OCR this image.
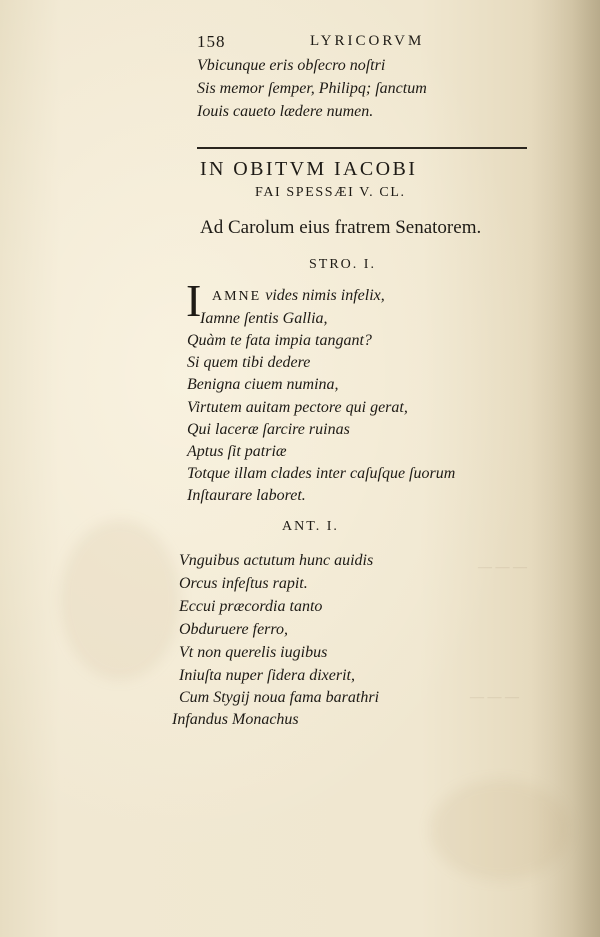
— — —
— — —
158	LYRICORVM
Vbicunque eris obſecro noſtri
Sis memor ſemper, Philipq; ſanctum
Iouis caueto lædere numen.
IN OBITVM IACOBI
FAI SPESSÆI V. CL.
Ad Carolum eius fratrem Senatorem.
STRO. I.
I AMNE vides nimis infelix,
Iamne ſentis Gallia,
Quàm te fata impia tangant?
Si quem tibi dedere
Benigna ciuem numina,
Virtutem auitam pectore qui gerat,
Qui laceræ ſarcire ruinas
Aptus ſit patriæ
Totque illam clades inter caſuſque ſuorum
Inſtaurare laboret.
ANT. I.
Vnguibus actutum hunc auidis
Orcus infeſtus rapit.
Eccui præcordia tanto
Obduruere ferro,
Vt non querelis iugibus
Iniuſta nuper ſidera dixerit,
Cum Stygij noua fama barathri
Infandus Monachus
